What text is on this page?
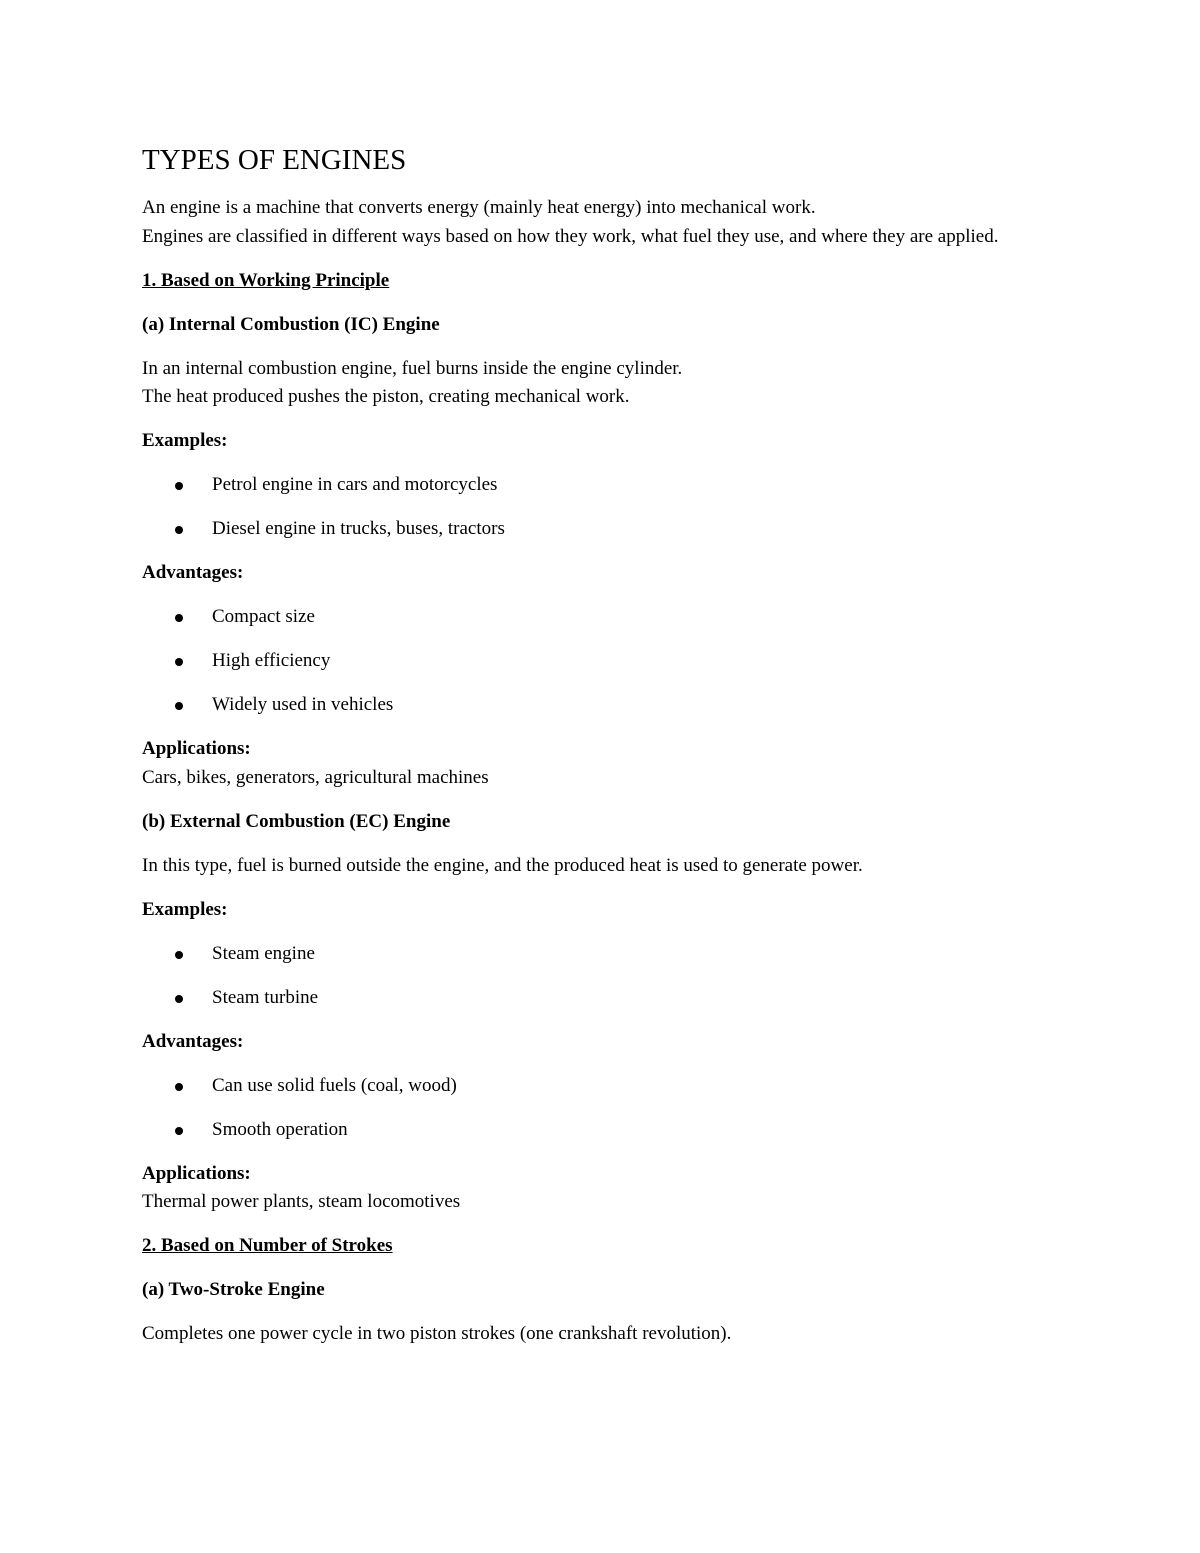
TYPES OF ENGINES

An engine is a machine that converts energy (mainly heat energy) into mechanical work.

Engines are classified in different ways based on how they work, what fuel they use, and where they are applied.

1. Based on Working Principle

(a) Internal Combustion (IC) Engine

In an internal combustion engine, fuel burns inside the engine cylinder.

The heat produced pushes the piston, creating mechanical work.

Examples:

Petrol engine in cars and motorcycles
Diesel engine in trucks, buses, tractors

Advantages:

Compact size
High efficiency
Widely used in vehicles

Applications:

Cars, bikes, generators, agricultural machines

(b) External Combustion (EC) Engine

In this type, fuel is burned outside the engine, and the produced heat is used to generate power.

Examples:

Steam engine
Steam turbine

Advantages:

Can use solid fuels (coal, wood)
Smooth operation

Applications:

Thermal power plants, steam locomotives

2. Based on Number of Strokes

(a) Two-Stroke Engine

Completes one power cycle in two piston strokes (one crankshaft revolution).
